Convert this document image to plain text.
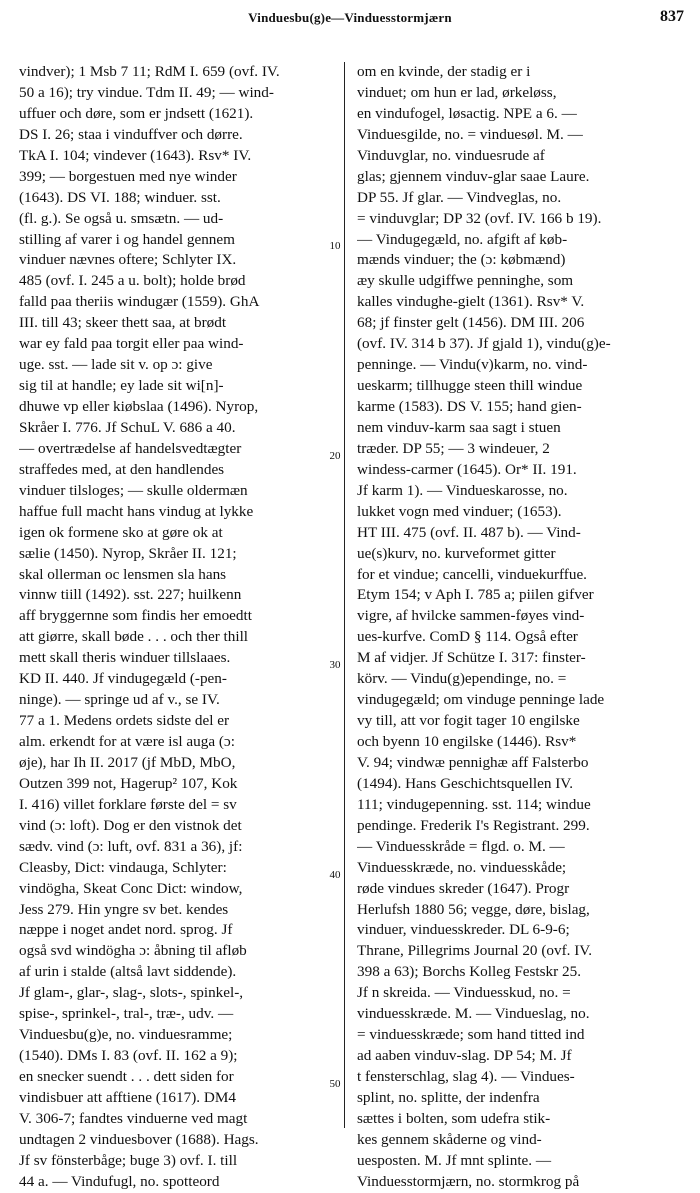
Vinduesbu(g)e—Vinduesstormjærn	837
vindver); 1 Msb 7 11; RdM I. 659 (ovf. IV.
50 a 16); try vindue. Tdm II. 49; — wind-
uffuer och døre, som er jndsett (1621).
DS I. 26; staa i vinduffver och dørre.
TkA I. 104; vindever (1643). Rsv* IV.
399; — borgestuen med nye winder
(1643). DS VI. 188; winduer. sst.
(fl. g.). Se også u. smsætn. — ud-
stilling af varer i og handel gennem
vinduer nævnes oftere; Schlyter IX.
485 (ovf. I. 245 a u. bolt); holde brød
falld paa theriis windugær (1559). GhA
III. till 43; skeer thett saa, at brødt
war ey fald paa torgit eller paa wind-
uge. sst. — lade sit v. op ɔ: give
sig til at handle; ey lade sit wi[n]-
dhuwe vp eller kiøbslaa (1496). Nyrop,
Skråer I. 776. Jf SchuL V. 686 a 40.
— overtrædelse af handelsvedtægter
straffedes med, at den handlendes
vinduer tilsloges; — skulle oldermæn
haffue full macht hans vindug at lykke
igen ok formene sko at gøre ok at
sælie (1450). Nyrop, Skråer II. 121;
skal ollerman oc lensmen sla hans
vinnw tiill (1492). sst. 227; huilkenn
aff bryggernne som findis her emoedtt
att giørre, skall bøde . . . och ther thill
mett skall theris winduer tillslaaes.
KD II. 440. Jf vindugegæld (-pen-
ninge). — springe ud af v., se IV.
77 a 1. Medens ordets sidste del er
alm. erkendt for at være isl auga (ɔ:
øje), har Ih II. 2017 (jf MbD, MbO,
Outzen 399 not, Hagerup² 107, Kok
I. 416) villet forklare første del = sv
vind (ɔ: loft). Dog er den vistnok det
sædv. vind (ɔ: luft, ovf. 831 a 36), jf:
Cleasby, Dict: vindauga, Schlyter:
vindögha, Skeat Conc Dict: window,
Jess 279. Hin yngre sv bet. kendes
næppe i noget andet nord. sprog. Jf
også svd windögha ɔ: åbning til afløb
af urin i stalde (altså lavt siddende).
Jf glam-, glar-, slag-, slots-, spinkel-,
spise-, sprinkel-, tral-, træ-, udv. —
Vinduesbu(g)e, no. vinduesramme;
(1540). DMs I. 83 (ovf. II. 162 a 9);
en snecker suendt . . . dett siden for
vindisbuer att afftiene (1617). DM4
V. 306-7; fandtes vinduerne ved magt
undtagen 2 vinduesbover (1688). Hags.
Jf sv fönsterbåge; buge 3) ovf. I. till
44 a. — Vindufugl, no. spotteord
om en kvinde, der stadig er i
vinduet; om hun er lad, ørkeløss,
en vindufogel, løsactig. NPE a 6. —
Vinduesgilde, no. = vinduesøl. M. —
Vinduvglar, no. vinduesrude af
glas; gjennem vinduv-glar saae Laure.
DP 55. Jf glar. — Vindveglas, no.
= vinduvglar; DP 32 (ovf. IV. 166 b 19).
— Vindugegæld, no. afgift af køb-
mænds vinduer; the (ɔ: købmænd)
æy skulle udgiffwe penninghe, som
kalles vindughe-gielt (1361). Rsv* V.
68; jf finster gelt (1456). DM III. 206
(ovf. IV. 314 b 37). Jf gjald 1), vindu(g)e-
penninge. — Vindu(v)karm, no. vind-
ueskarm; tillhugge steen thill windue
karme (1583). DS V. 155; hand gien-
nem vinduv-karm saa sagt i stuen
træder. DP 55; — 3 windeuer, 2
windess-carmer (1645). Or* II. 191.
Jf karm 1). — Vindueskarosse, no.
lukket vogn med vinduer; (1653).
HT III. 475 (ovf. II. 487 b). — Vind-
ue(s)kurv, no. kurveformet gitter
for et vindue; cancelli, vinduekurffue.
Etym 154; v Aph I. 785 a; piilen gifver
vigre, af hvilcke sammen-føyes vind-
ues-kurfve. ComD § 114. Også efter
M af vidjer. Jf Schütze I. 317: finster-
körv. — Vindu(g)ependinge, no. =
vindugegæld; om vindugе penninge lade
vy till, att vor fogit tager 10 engilske
och byenn 10 engilske (1446). Rsv*
V. 94; vindwæ pennighæ aff Falsterbo
(1494). Hans Geschichtsquellen IV.
111; vindugepenning. sst. 114; windue
pendinge. Frederik I's Registrant. 299.
— Vinduesskråde = flgd. o. M. —
Vinduesskræde, no. vinduesskåde;
røde vindues skreder (1647). Progr
Herlufsh 1880 56; vegge, døre, bislag,
vinduer, vinduesskreder. DL 6-9-6;
Thrane, Pillegrims Journal 20 (ovf. IV.
398 a 63); Borchs Kolleg Festskr 25.
Jf n skreida. — Vinduesskud, no. =
vinduesskræde. M. — Vindueslag, no.
= vinduesskræde; som hand titted ind
ad aaben vinduv-slag. DP 54; M. Jf
t fensterschlag, slag 4). — Vindues-
splint, no. splitte, der indenfra
sættes i bolten, som udefra stik-
kes gennem skåderne og vind-
uesposten. M. Jf mnt splinte. —
Vinduesstormjærn, no. stormkrog på
10
20
30
40
50
